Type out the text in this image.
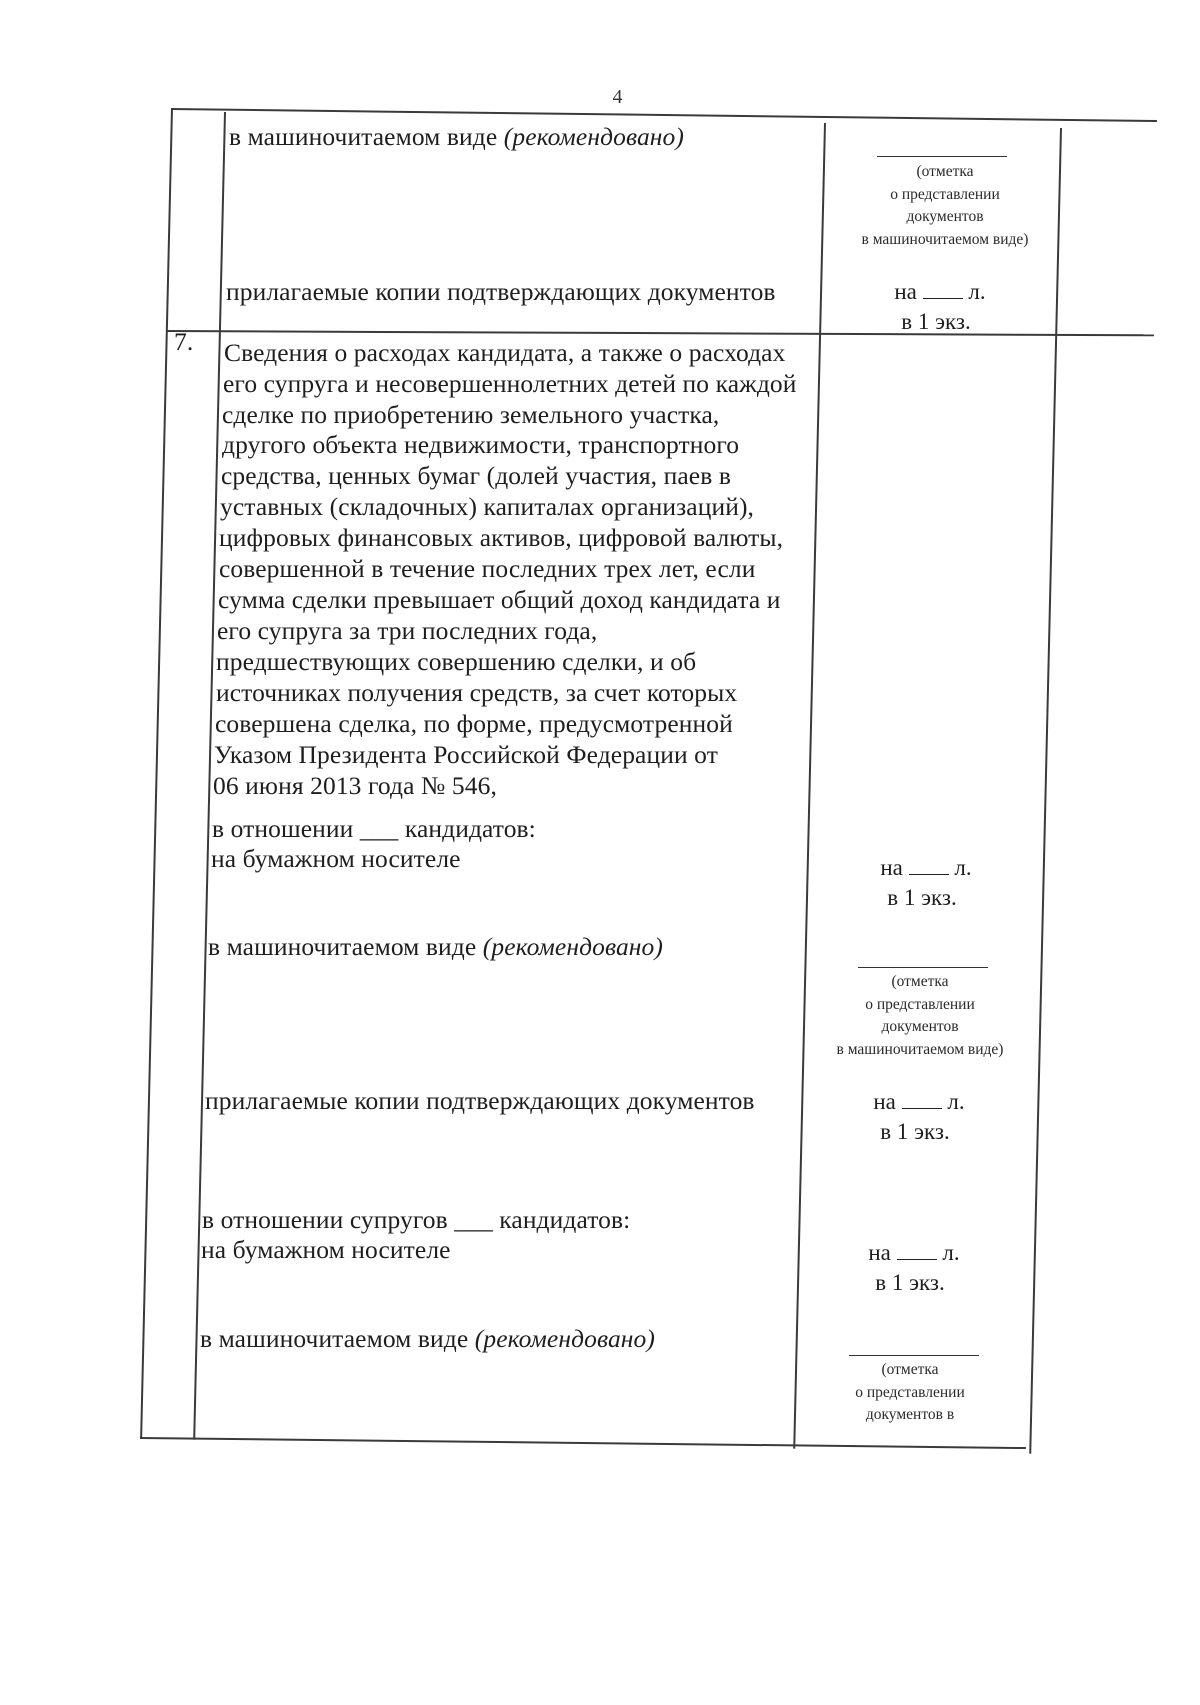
4
в машиночитаемом виде (рекомендовано)
(отметка
о представлении
документов
в машиночитаемом виде)
прилагаемые копии подтверждающих документов	на л.
в 1 экз.
7. Сведения о расходах кандидата, а также о расходах
его супруга и несовершеннолетних детей по каждой
сделке по приобретению земельного участка,
другого объекта недвижимости, транспортного
средства, ценных бумаг (долей участия, паев в
уставных (складочных) капиталах организаций),
цифровых финансовых активов, цифровой валюты,
совершенной в течение последних трех лет, если
сумма сделки превышает общий доход кандидата и
его супруга за три последних года,
предшествующих совершению сделки, и об
источниках получения средств, за счет которых
совершена сделка, по форме, предусмотренной
Указом Президента Российской Федерации от
06 июня 2013 года № 546,
в отношении ___ кандидатов:
на бумажном носителе	на л.
в 1 экз.
в машиночитаемом виде (рекомендовано)
(отметка
о представлении
документов
в машиночитаемом виде)
прилагаемые копии подтверждающих документов	на л.
в 1 экз.
в отношении супругов ___ кандидатов:
на бумажном носителе	на л.
в 1 экз.
в машиночитаемом виде (рекомендовано)
(отметка
о представлении
документов в
